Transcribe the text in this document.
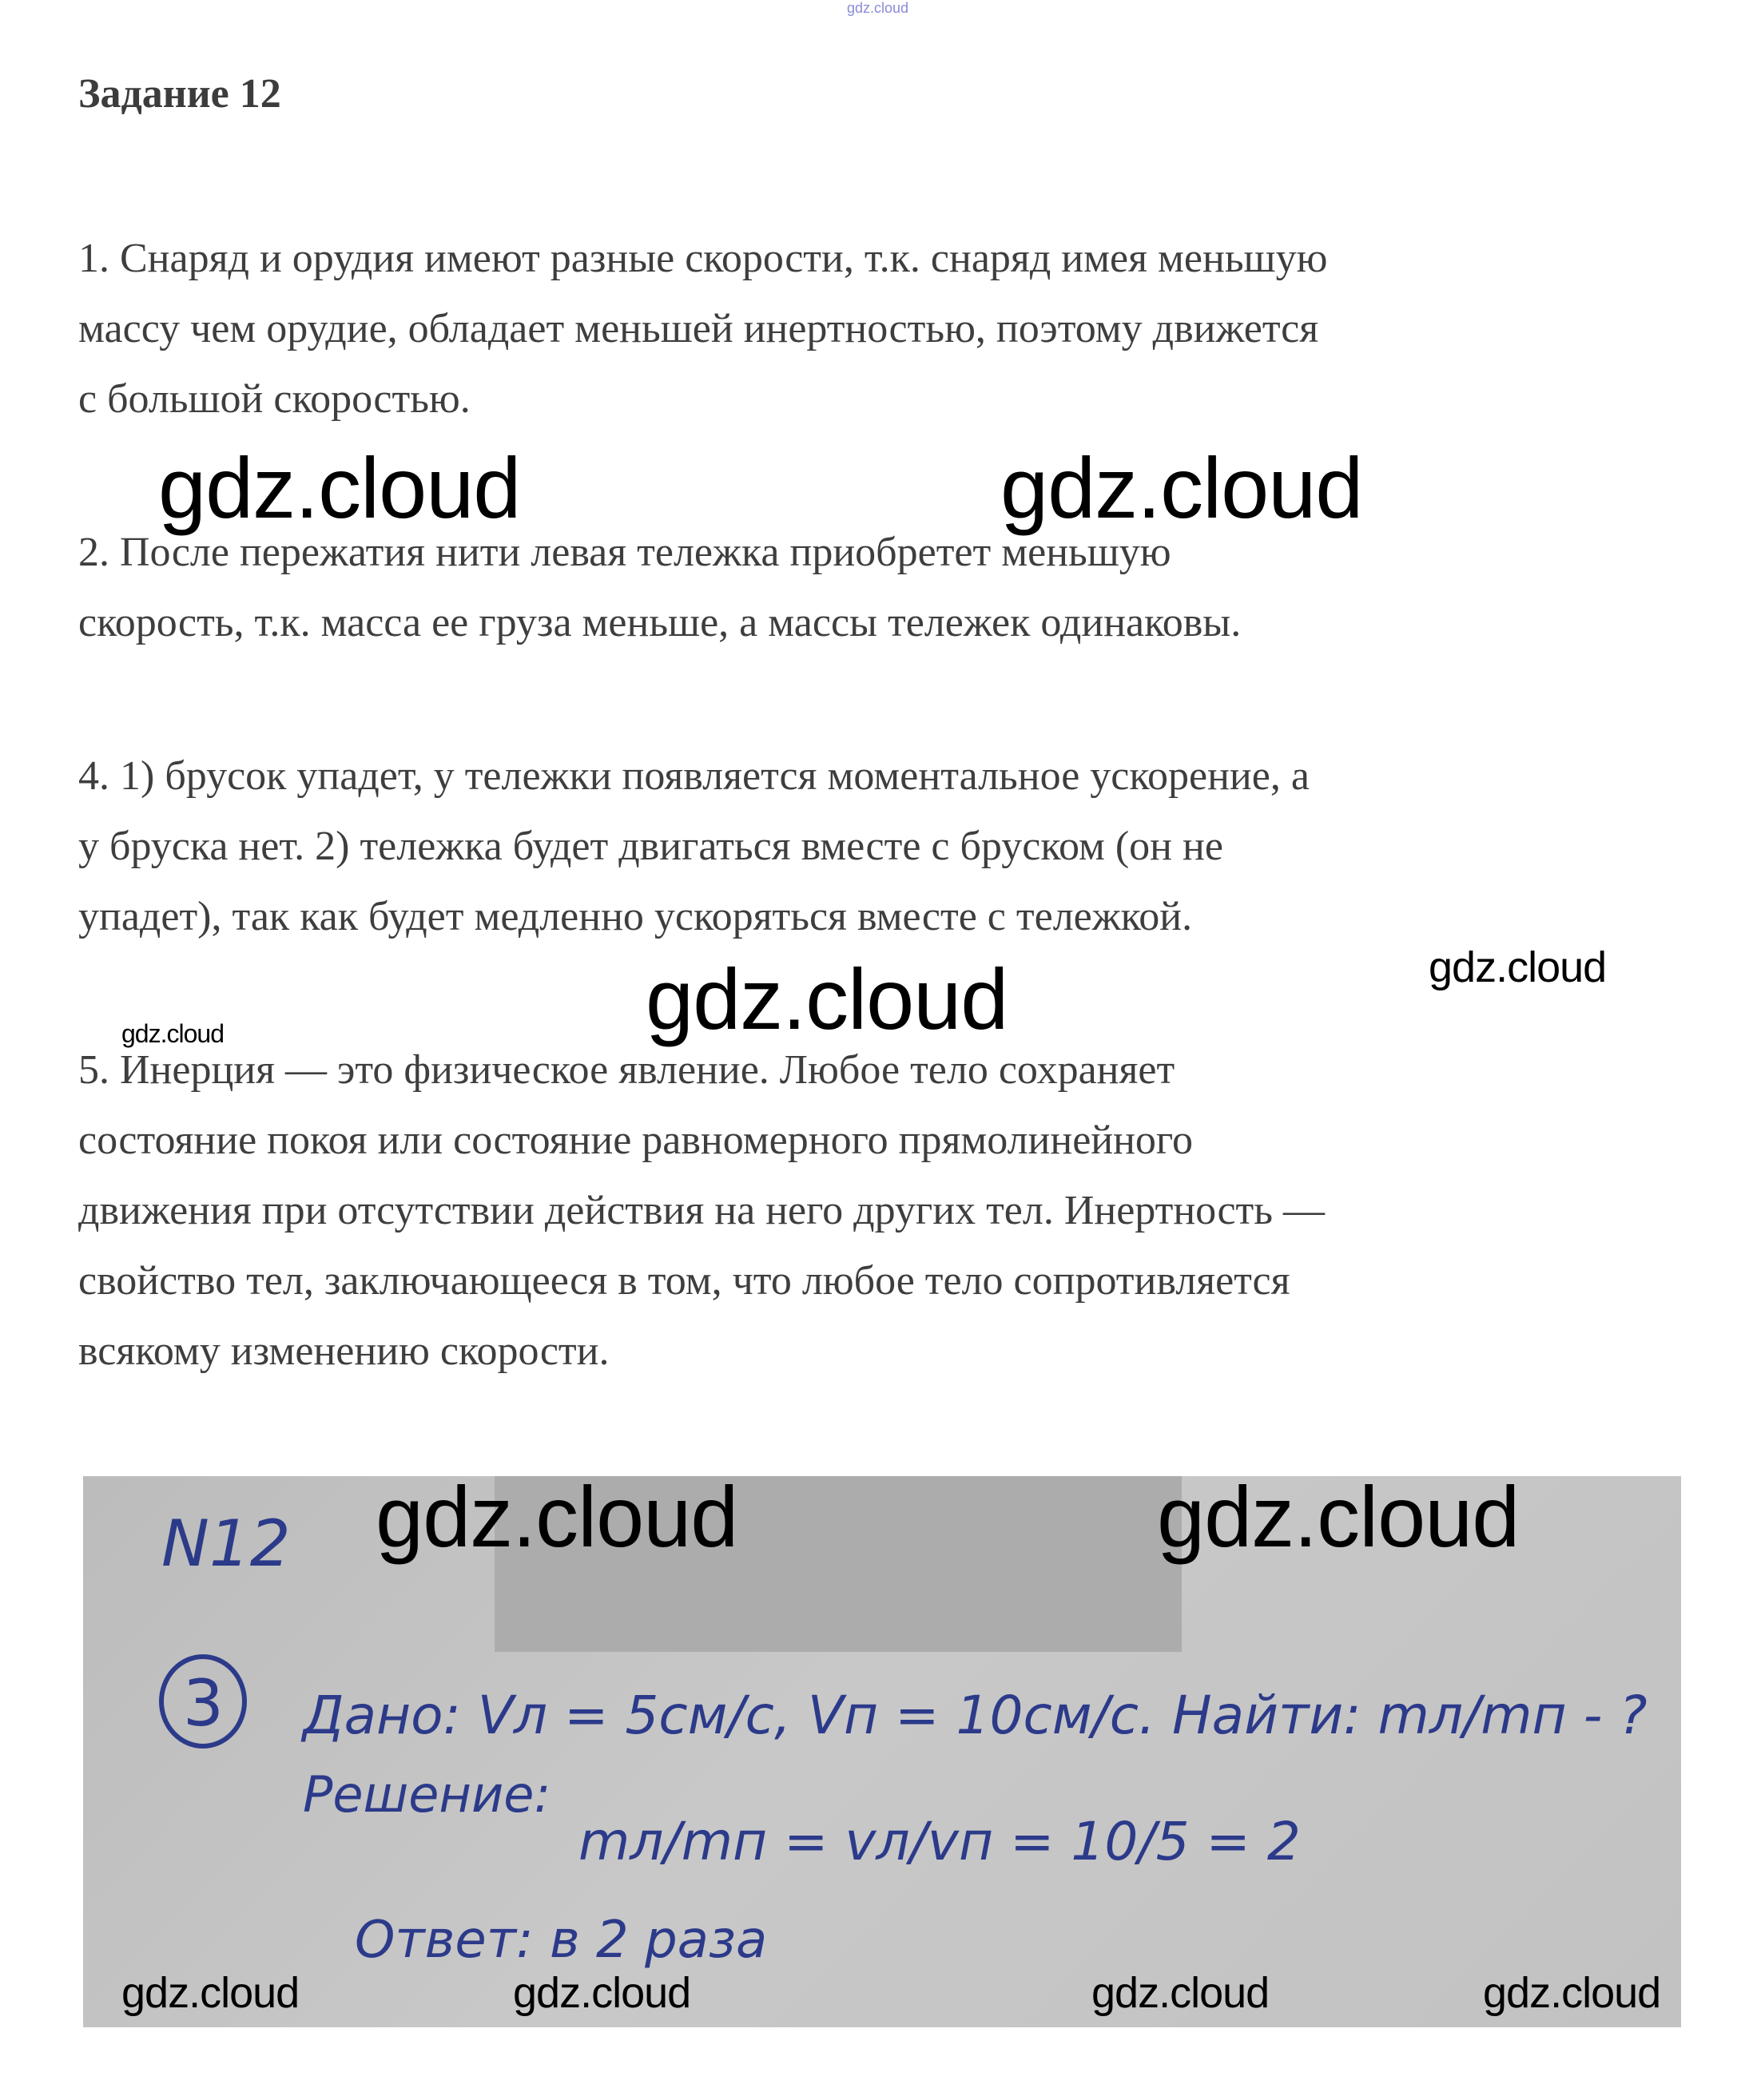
gdz.cloud
Задание 12
1. Снаряд и орудия имеют разные скорости, т.к. снаряд имея меньшую
массу чем орудие, обладает меньшей инертностью, поэтому движется
с большой скоростью.
2. После пережатия нити левая тележка приобретет меньшую
скорость, т.к. масса ее груза меньше, а массы тележек одинаковы.
4. 1) брусок упадет, у тележки появляется моментальное ускорение, а
у бруска нет. 2) тележка будет двигаться вместе с бруском (он не
упадет), так как будет медленно ускоряться вместе с тележкой.
5. Инерция — это физическое явление. Любое тело сохраняет
состояние покоя или состояние равномерного прямолинейного
движения при отсутствии действия на него других тел. Инертность —
свойство тел, заключающееся в том, что любое тело сопротивляется
всякому изменению скорости.
gdz.cloud	gdz.cloud
gdz.cloud	gdz.cloud
gdz.cloud
N12
3 Дано: Vл = 5см/с, Vп = 10см/с. Найти: mл/mп - ?
Решение:
mл/mп = vл/vп = 10/5 = 2
Ответ: в 2 раза
gdz.cloud	gdz.cloud
gdz.cloud	gdz.cloud	gdz.cloud	gdz.cloud
